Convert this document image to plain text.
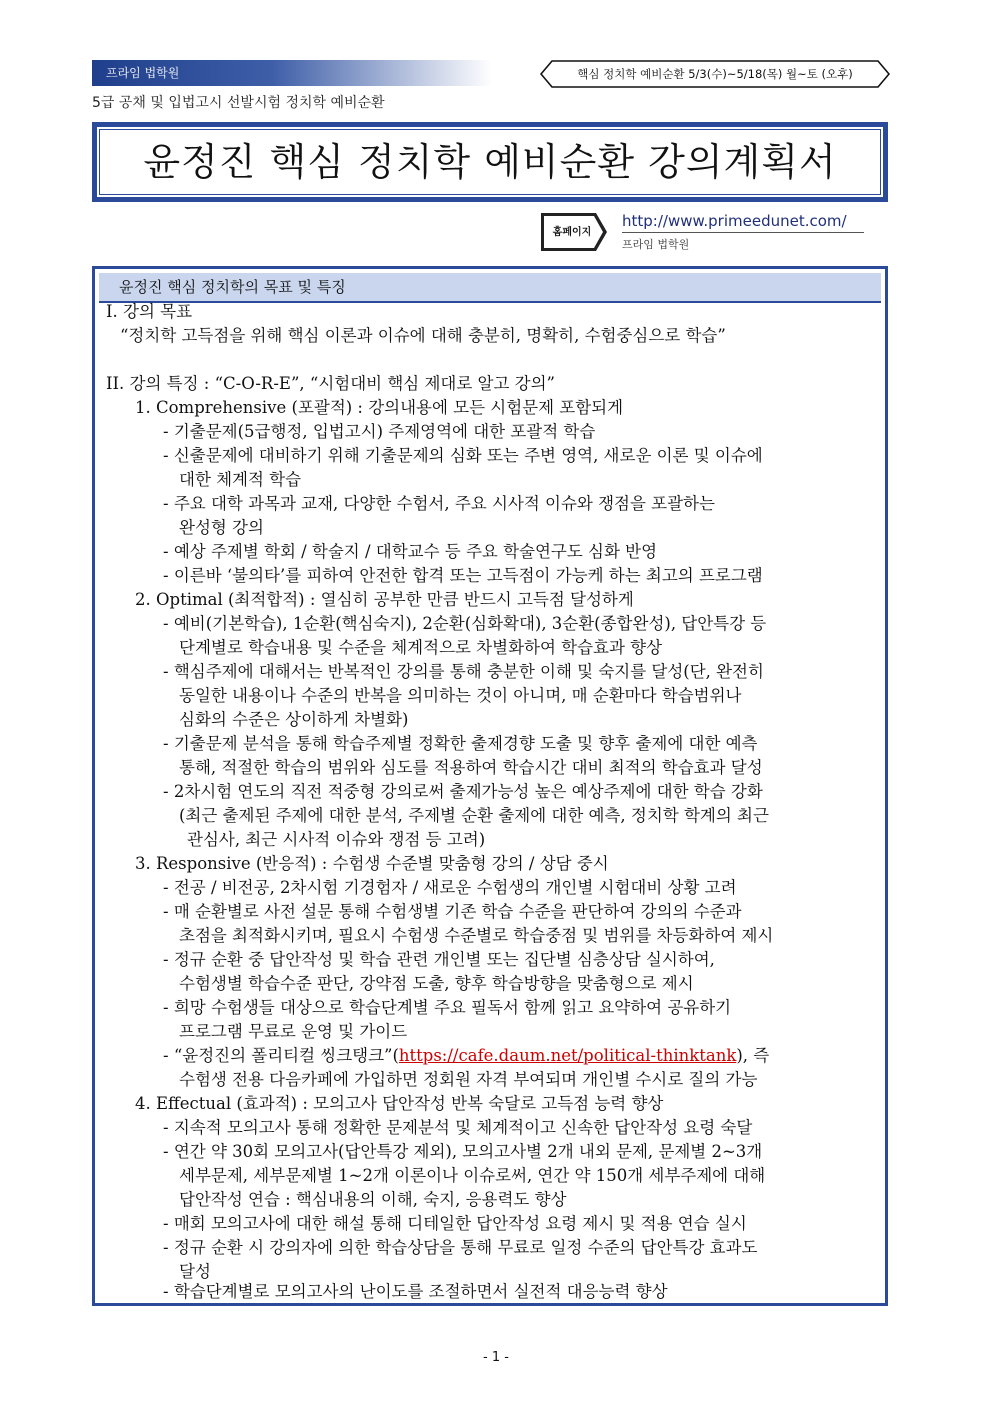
프라임 법학원	핵심 정치학 예비순환 5/3(수)~5/18(목) 월~토 (오후)
5급 공채 및 입법고시 선발시험 정치학 예비순환
윤정진 핵심 정치학 예비순환 강의계획서
홈페이지
http://www.primeedunet.com/
프라임 법학원
윤정진 핵심 정치학의 목표 및 특징
I. 강의 목표
“정치학 고득점을 위해 핵심 이론과 이슈에 대해 충분히, 명확히, 수험중심으로 학습”
II. 강의 특징 : “C-O-R-E”, “시험대비 핵심 제대로 알고 강의”
1. Comprehensive (포괄적) : 강의내용에 모든 시험문제 포함되게
- 기출문제(5급행정, 입법고시) 주제영역에 대한 포괄적 학습
- 신출문제에 대비하기 위해 기출문제의 심화 또는 주변 영역, 새로운 이론 및 이슈에
대한 체계적 학습
- 주요 대학 과목과 교재, 다양한 수험서, 주요 시사적 이슈와 쟁점을 포괄하는
완성형 강의
- 예상 주제별 학회 / 학술지 / 대학교수 등 주요 학술연구도 심화 반영
- 이른바 ‘불의타’를 피하여 안전한 합격 또는 고득점이 가능케 하는 최고의 프로그램
2. Optimal (최적합적) : 열심히 공부한 만큼 반드시 고득점 달성하게
- 예비(기본학습), 1순환(핵심숙지), 2순환(심화확대), 3순환(종합완성), 답안특강 등
단계별로 학습내용 및 수준을 체계적으로 차별화하여 학습효과 향상
- 핵심주제에 대해서는 반복적인 강의를 통해 충분한 이해 및 숙지를 달성(단, 완전히
동일한 내용이나 수준의 반복을 의미하는 것이 아니며, 매 순환마다 학습범위나
심화의 수준은 상이하게 차별화)
- 기출문제 분석을 통해 학습주제별 정확한 출제경향 도출 및 향후 출제에 대한 예측
통해, 적절한 학습의 범위와 심도를 적용하여 학습시간 대비 최적의 학습효과 달성
- 2차시험 연도의 직전 적중형 강의로써 출제가능성 높은 예상주제에 대한 학습 강화
(최근 출제된 주제에 대한 분석, 주제별 순환 출제에 대한 예측, 정치학 학계의 최근
관심사, 최근 시사적 이슈와 쟁점 등 고려)
3. Responsive (반응적) : 수험생 수준별 맞춤형 강의 / 상담 중시
- 전공 / 비전공, 2차시험 기경험자 / 새로운 수험생의 개인별 시험대비 상황 고려
- 매 순환별로 사전 설문 통해 수험생별 기존 학습 수준을 판단하여 강의의 수준과
초점을 최적화시키며, 필요시 수험생 수준별로 학습중점 및 범위를 차등화하여 제시
- 정규 순환 중 답안작성 및 학습 관련 개인별 또는 집단별 심층상담 실시하여,
수험생별 학습수준 판단, 강약점 도출, 향후 학습방향을 맞춤형으로 제시
- 희망 수험생들 대상으로 학습단계별 주요 필독서 함께 읽고 요약하여 공유하기
프로그램 무료로 운영 및 가이드
- “윤정진의 폴리티컬 씽크탱크”(https://cafe.daum.net/political-thinktank), 즉
수험생 전용 다음카페에 가입하면 정회원 자격 부여되며 개인별 수시로 질의 가능
4. Effectual (효과적) : 모의고사 답안작성 반복 숙달로 고득점 능력 향상
- 지속적 모의고사 통해 정확한 문제분석 및 체계적이고 신속한 답안작성 요령 숙달
- 연간 약 30회 모의고사(답안특강 제외), 모의고사별 2개 내외 문제, 문제별 2~3개
세부문제, 세부문제별 1~2개 이론이나 이슈로써, 연간 약 150개 세부주제에 대해
답안작성 연습 : 핵심내용의 이해, 숙지, 응용력도 향상
- 매회 모의고사에 대한 해설 통해 디테일한 답안작성 요령 제시 및 적용 연습 실시
- 정규 순환 시 강의자에 의한 학습상담을 통해 무료로 일정 수준의 답안특강 효과도
달성
- 학습단계별로 모의고사의 난이도를 조절하면서 실전적 대응능력 향상
- 1 -
